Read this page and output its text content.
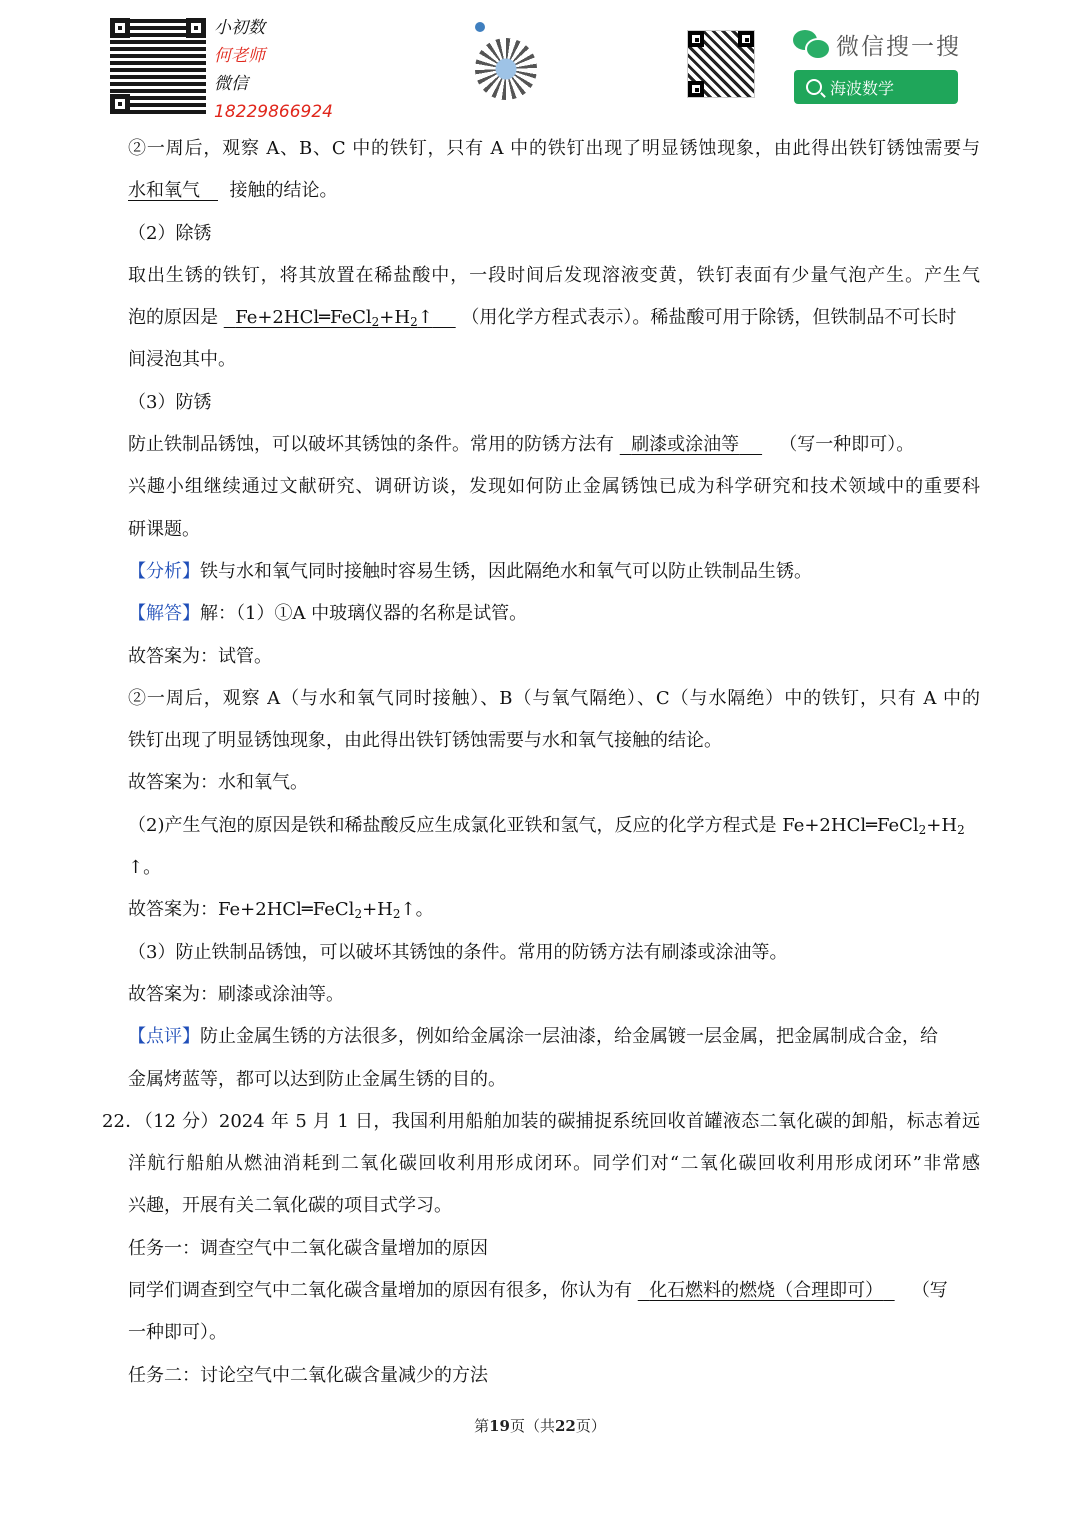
小初数
何老师
微信
18229866924
微信搜一搜
海波数学
②一周后，观察 A、B、C 中的铁钉，只有 A 中的铁钉出现了明显锈蚀现象，由此得出铁钉锈蚀需要与
水和氧气　  接触的结论。
（2）除锈
取出生锈的铁钉，将其放置在稀盐酸中，一段时间后发现溶液变黄，铁钉表面有少量气泡产生。产生气
泡的原因是 $Fe+2HCl═FeCl_2+H_2↑$ （用化学方程式表示）。稀盐酸可用于除锈，但铁制品不可长时
间浸泡其中。
（3）防锈
防止铁制品锈蚀，可以破坏其锈蚀的条件。常用的防锈方法有 刷漆或涂油等 （写一种即可）。
兴趣小组继续通过文献研究、调研访谈，发现如何防止金属锈蚀已成为科学研究和技术领域中的重要科
研课题。
【分析】铁与水和氧气同时接触时容易生锈，因此隔绝水和氧气可以防止铁制品生锈。
【解答】解：（1）①A 中玻璃仪器的名称是试管。
故答案为：试管。
②一周后，观察 A（与水和氧气同时接触）、B（与氧气隔绝）、C（与水隔绝）中的铁钉，只有 A 中的
铁钉出现了明显锈蚀现象，由此得出铁钉锈蚀需要与水和氧气接触的结论。
故答案为：水和氧气。
（2)产生气泡的原因是铁和稀盐酸反应生成氯化亚铁和氢气，反应的化学方程式是 $Fe+2HCl═FeCl_2+H_2$
↑。
故答案为：$Fe+2HCl═FeCl_2+H_2↑$。
（3）防止铁制品锈蚀，可以破坏其锈蚀的条件。常用的防锈方法有刷漆或涂油等。
故答案为：刷漆或涂油等。
【点评】防止金属生锈的方法很多，例如给金属涂一层油漆，给金属镀一层金属，把金属制成合金，给
金属烤蓝等，都可以达到防止金属生锈的目的。
22．（12 分）2024 年 5 月 1 日，我国利用船舶加装的碳捕捉系统回收首罐液态二氧化碳的卸船，标志着远
洋航行船舶从燃油消耗到二氧化碳回收利用形成闭环。同学们对“二氧化碳回收利用形成闭环”非常感
兴趣，开展有关二氧化碳的项目式学习。
任务一：调查空气中二氧化碳含量增加的原因
同学们调查到空气中二氧化碳含量增加的原因有很多，你认为有 化石燃料的燃烧（合理即可） （写
一种即可）。
任务二：讨论空气中二氧化碳含量减少的方法
第19页（共22页）
